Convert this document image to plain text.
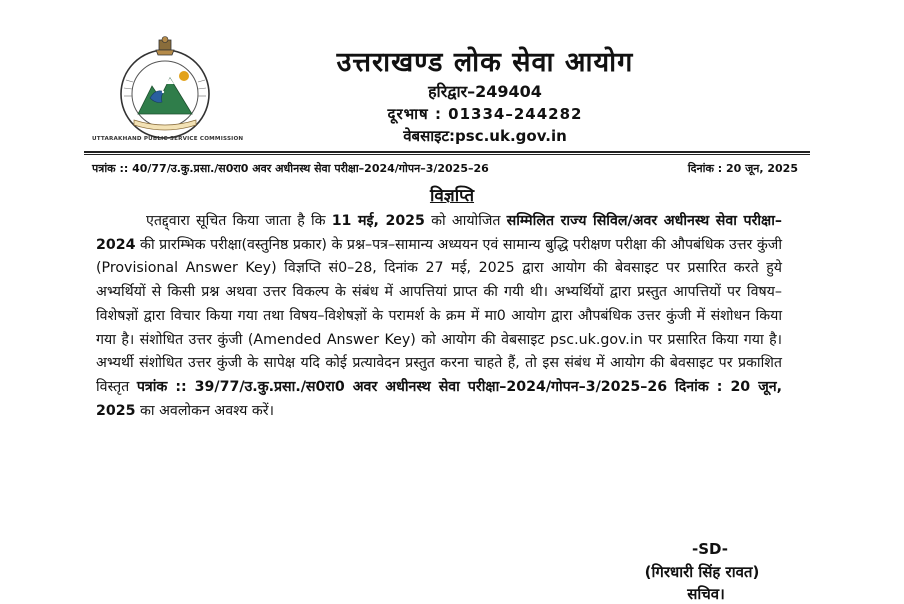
UTTARAKHAND PUBLIC SERVICE COMMISSION
उत्तराखण्ड लोक सेवा आयोग
हरिद्वार–249404
दूरभाष : 01334–244282
वेबसाइट:psc.uk.gov.in
पत्रांक :: 40/77/उ.कु.प्रसा./स0रा0 अवर अधीनस्थ सेवा परीक्षा–2024/गोपन–3/2025–26	दिनांक : 20 जून, 2025
विज्ञप्ति
एतद्द्वारा सूचित किया जाता है कि 11 मई, 2025 को आयोजित सम्मिलित राज्य सिविल/अवर अधीनस्थ सेवा परीक्षा–2024 की प्रारम्भिक परीक्षा(वस्तुनिष्ठ प्रकार) के प्रश्न–पत्र–सामान्य अध्ययन एवं सामान्य बुद्धि परीक्षण परीक्षा की औपबंधिक उत्तर कुंजी (Provisional Answer Key) विज्ञप्ति सं0–28, दिनांक 27 मई, 2025 द्वारा आयोग की बेवसाइट पर प्रसारित करते हुये अभ्यर्थियों से किसी प्रश्न अथवा उत्तर विकल्प के संबंध में आपत्तियां प्राप्त की गयी थी। अभ्यर्थियों द्वारा प्रस्तुत आपत्तियों पर विषय–विशेषज्ञों द्वारा विचार किया गया तथा विषय–विशेषज्ञों के परामर्श के क्रम में मा0 आयोग द्वारा औपबंधिक उत्तर कुंजी में संशोधन किया गया है। संशोधित उत्तर कुंजी (Amended Answer Key) को आयोग की वेबसाइट psc.uk.gov.in पर प्रसारित किया गया है। अभ्यर्थी संशोधित उत्तर कुंजी के सापेक्ष यदि कोई प्रत्यावेदन प्रस्तुत करना चाहते हैं, तो इस संबंध में आयोग की बेवसाइट पर प्रकाशित विस्तृत पत्रांक :: 39/77/उ.कु.प्रसा./स0रा0 अवर अधीनस्थ सेवा परीक्षा–2024/गोपन–3/2025–26 दिनांक : 20 जून, 2025 का अवलोकन अवश्य करें।
-SD-
(गिरधारी सिंह रावत)
सचिव।
